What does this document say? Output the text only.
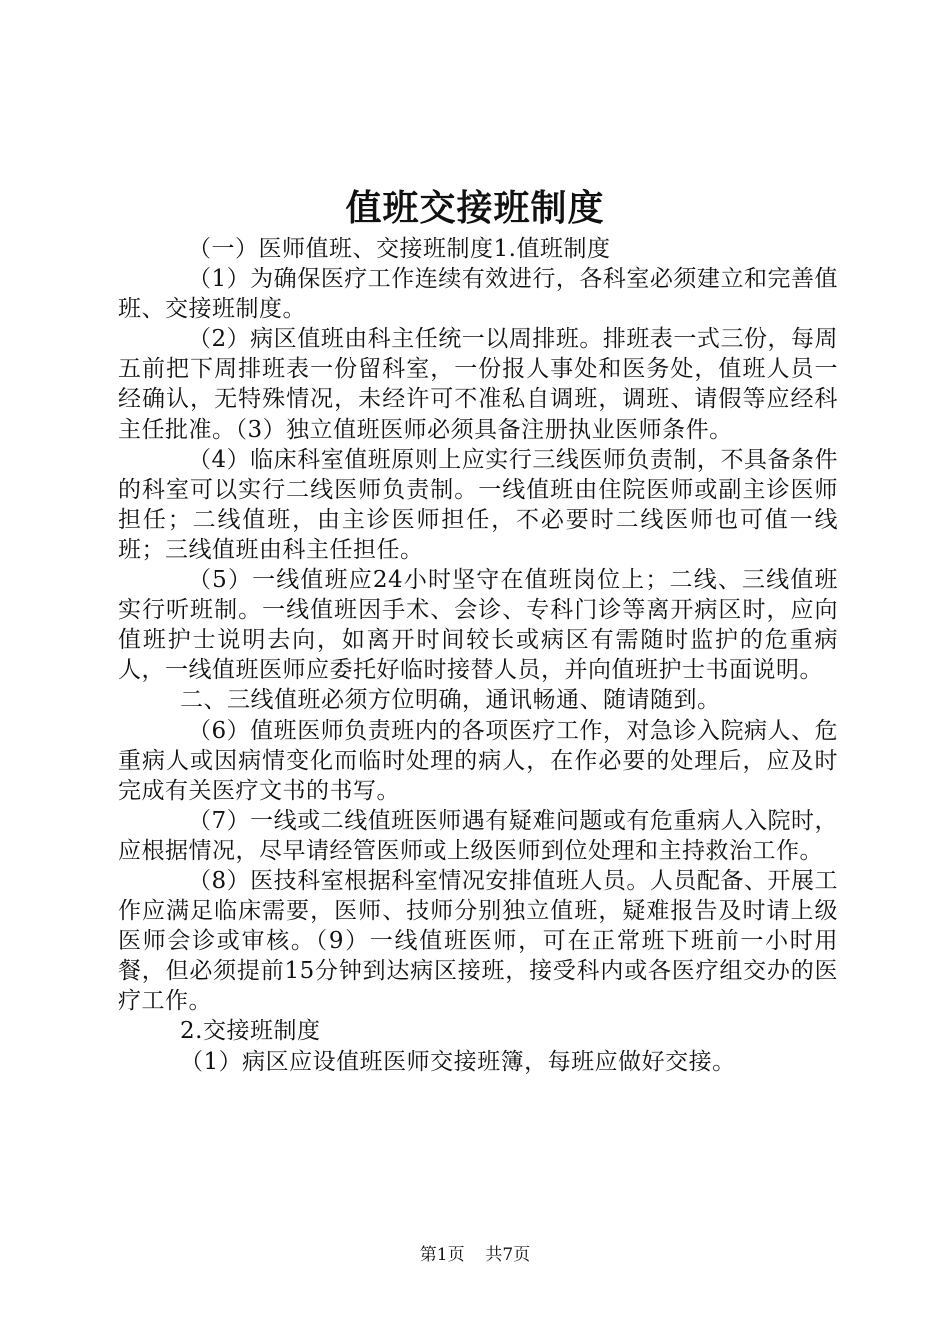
值班交接班制度

（一）医师值班、交接班制度1.值班制度

（1）为确保医疗工作连续有效进行，各科室必须建立和完善值班、交接班制度。

（2）病区值班由科主任统一以周排班。排班表一式三份，每周五前把下周排班表一份留科室，一份报人事处和医务处，值班人员一经确认，无特殊情况，未经许可不准私自调班，调班、请假等应经科主任批准。（3）独立值班医师必须具备注册执业医师条件。

（4）临床科室值班原则上应实行三线医师负责制，不具备条件的科室可以实行二线医师负责制。一线值班由住院医师或副主诊医师担任；二线值班，由主诊医师担任，不必要时二线医师也可值一线班；三线值班由科主任担任。

（5）一线值班应24小时坚守在值班岗位上；二线、三线值班实行听班制。一线值班因手术、会诊、专科门诊等离开病区时，应向值班护士说明去向，如离开时间较长或病区有需随时监护的危重病人，一线值班医师应委托好临时接替人员，并向值班护士书面说明。

二、三线值班必须方位明确，通讯畅通、随请随到。

（6）值班医师负责班内的各项医疗工作，对急诊入院病人、危重病人或因病情变化而临时处理的病人，在作必要的处理后，应及时完成有关医疗文书的书写。

（7）一线或二线值班医师遇有疑难问题或有危重病人入院时，应根据情况，尽早请经管医师或上级医师到位处理和主持救治工作。

（8）医技科室根据科室情况安排值班人员。人员配备、开展工作应满足临床需要，医师、技师分别独立值班，疑难报告及时请上级医师会诊或审核。（9）一线值班医师，可在正常班下班前一小时用餐，但必须提前15分钟到达病区接班，接受科内或各医疗组交办的医疗工作。

2.交接班制度

（1）病区应设值班医师交接班簿，每班应做好交接。

第1页 共7页
